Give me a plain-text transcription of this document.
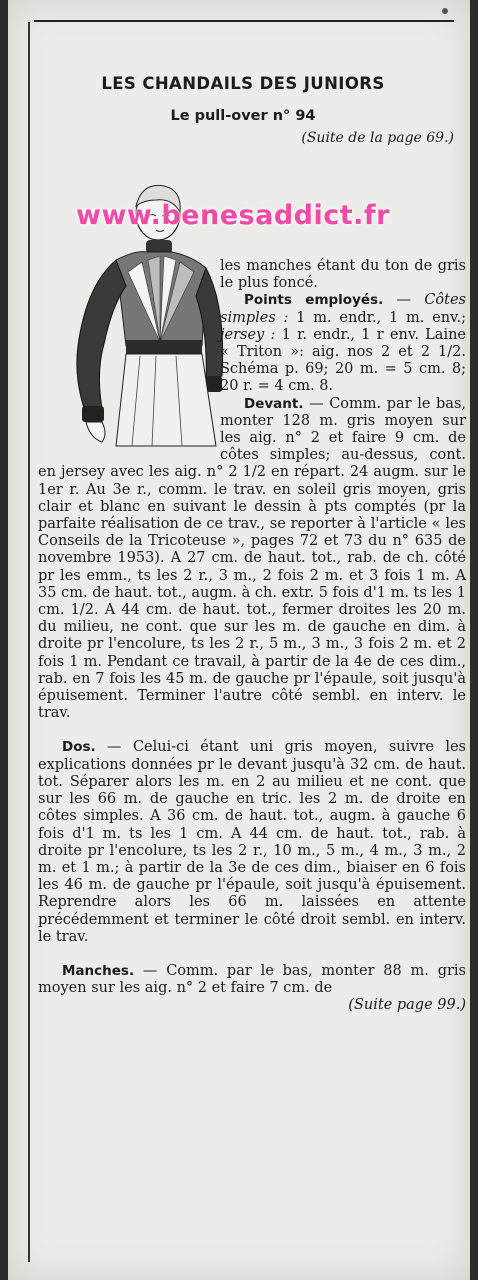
LES CHANDAILS DES JUNIORS
Le pull-over n° 94
(Suite de la page 69.)
www.benesaddict.fr

les manches étant du ton de gris le plus foncé.

Points employés. — Côtes simples : 1 m. endr., 1 m. env.; jersey : 1 r. endr., 1 r env. Laine « Triton »: aig. nos 2 et 2 1/2. Schéma p. 69; 20 m. = 5 cm. 8; 20 r. = 4 cm. 8.

Devant. — Comm. par le bas, monter 128 m. gris moyen sur les aig. n° 2 et faire 9 cm. de côtes simples; au-dessus, cont. en jersey avec les aig. n° 2 1/2 en répart. 24 augm. sur le 1er r. Au 3e r., comm. le trav. en soleil gris moyen, gris clair et blanc en suivant le dessin à pts comptés (pr la parfaite réalisation de ce trav., se reporter à l'article « les Conseils de la Tricoteuse », pages 72 et 73 du n° 635 de novembre 1953). A 27 cm. de haut. tot., rab. de ch. côté pr les emm., ts les 2 r., 3 m., 2 fois 2 m. et 3 fois 1 m. A 35 cm. de haut. tot., augm. à ch. extr. 5 fois d'1 m. ts les 1 cm. 1/2. A 44 cm. de haut. tot., fermer droites les 20 m. du milieu, ne cont. que sur les m. de gauche en dim. à droite pr l'encolure, ts les 2 r., 5 m., 3 m., 3 fois 2 m. et 2 fois 1 m. Pendant ce travail, à partir de la 4e de ces dim., rab. en 7 fois les 45 m. de gauche pr l'épaule, soit jusqu'à épuisement. Terminer l'autre côté sembl. en interv. le trav.

Dos. — Celui-ci étant uni gris moyen, suivre les explications données pr le devant jusqu'à 32 cm. de haut. tot. Séparer alors les m. en 2 au milieu et ne cont. que sur les 66 m. de gauche en tric. les 2 m. de droite en côtes simples. A 36 cm. de haut. tot., augm. à gauche 6 fois d'1 m. ts les 1 cm. A 44 cm. de haut. tot., rab. à droite pr l'encolure, ts les 2 r., 10 m., 5 m., 4 m., 3 m., 2 m. et 1 m.; à partir de la 3e de ces dim., biaiser en 6 fois les 46 m. de gauche pr l'épaule, soit jusqu'à épuisement. Reprendre alors les 66 m. laissées en attente précédemment et terminer le côté droit sembl. en interv. le trav.

Manches. — Comm. par le bas, monter 88 m. gris moyen sur les aig. n° 2 et faire 7 cm. de

(Suite page 99.)
